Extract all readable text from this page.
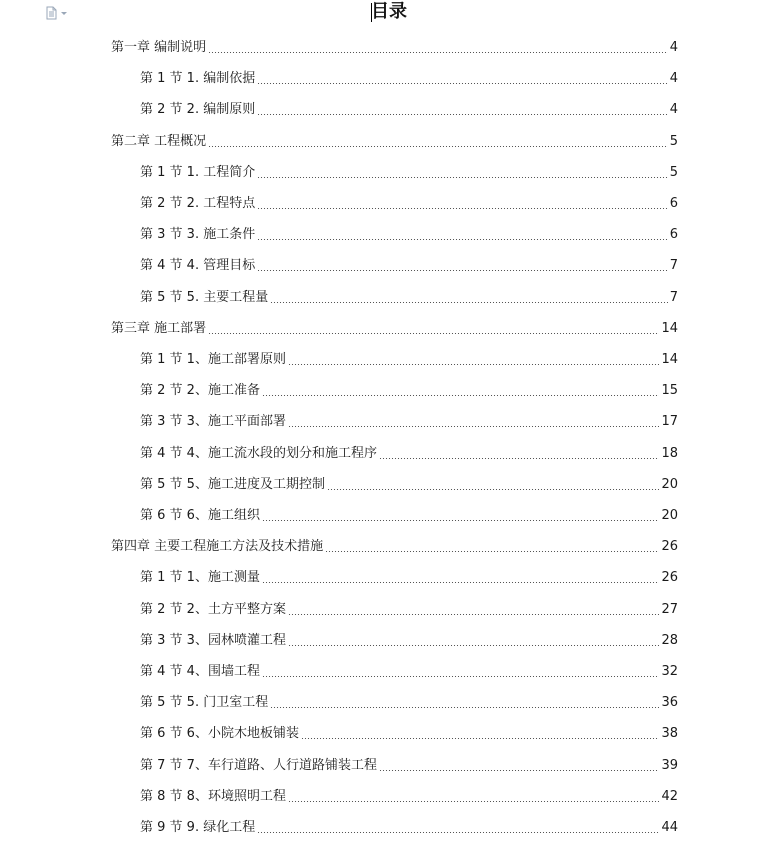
目录
第一章 编制说明	4
第 1 节 1. 编制依据	4
第 2 节 2. 编制原则	4
第二章 工程概况	5
第 1 节 1. 工程简介	5
第 2 节 2. 工程特点	6
第 3 节 3. 施工条件	6
第 4 节 4. 管理目标	7
第 5 节 5. 主要工程量	7
第三章 施工部署	14
第 1 节 1、施工部署原则	14
第 2 节 2、施工准备	15
第 3 节 3、施工平面部署	17
第 4 节 4、施工流水段的划分和施工程序	18
第 5 节 5、施工进度及工期控制	20
第 6 节 6、施工组织	20
第四章 主要工程施工方法及技术措施	26
第 1 节 1、施工测量	26
第 2 节 2、土方平整方案	27
第 3 节 3、园林喷灌工程	28
第 4 节 4、围墙工程	32
第 5 节 5. 门卫室工程	36
第 6 节 6、小院木地板铺装	38
第 7 节 7、车行道路、人行道路铺装工程	39
第 8 节 8、环境照明工程	42
第 9 节 9. 绿化工程	44
